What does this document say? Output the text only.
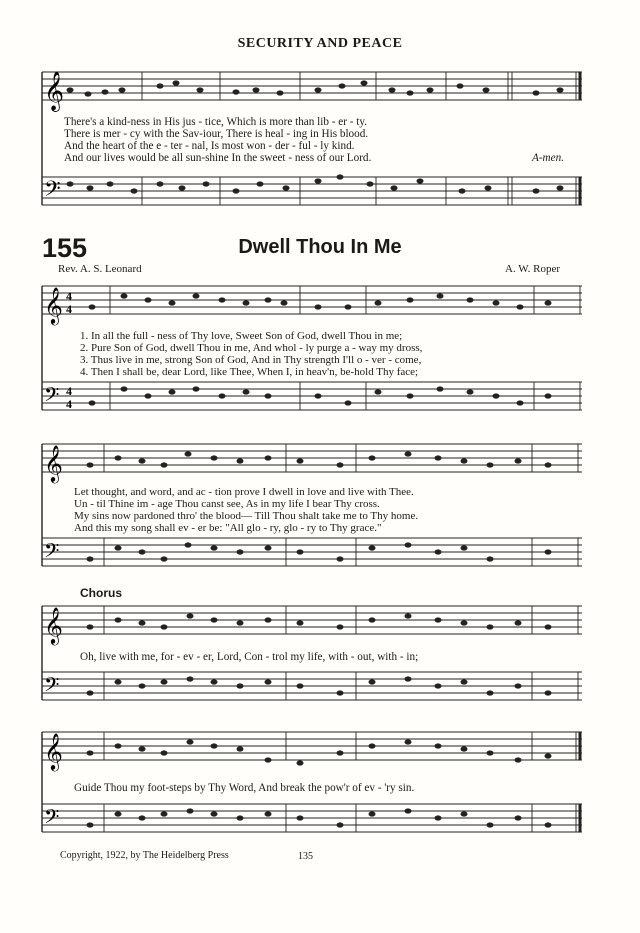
SECURITY AND PEACE
𝄞
𝄢
There's a kind-ness in His jus - tice, Which is more than lib - er - ty.
There is mer - cy with the Sav-iour, There is heal - ing in His blood.
And the heart of the e - ter - nal, Is most won - der - ful - ly kind.
And our lives would be all sun-shine In the sweet - ness of our Lord.	A-men.
155	Dwell Thou In Me
Rev. A. S. Leonard	A. W. Roper
𝄞
𝄢
4
4
4
4
1. In all the full - ness of Thy love, Sweet Son of God, dwell Thou in me;
2. Pure Son of God, dwell Thou in me, And whol - ly purge a - way my dross,
3. Thus live in me, strong Son of God, And in Thy strength I'll o - ver - come,
4. Then I shall be, dear Lord, like Thee, When I, in heav'n, be-hold Thy face;
𝄞
𝄢
Let thought, and word, and ac - tion prove I dwell in love and live with Thee.
Un - til Thine im - age Thou canst see, As in my life I bear Thy cross.
My sins now pardoned thro' the blood— Till Thou shalt take me to Thy home.
And this my song shall ev - er be: "All glo - ry, glo - ry to Thy grace."
Chorus
𝄞
𝄢
Oh, live with me, for - ev - er, Lord, Con - trol my life, with - out, with - in;
𝄞
𝄢
Guide Thou my foot-steps by Thy Word, And break the pow'r of ev - 'ry sin.
Copyright, 1922, by The Heidelberg Press	135
